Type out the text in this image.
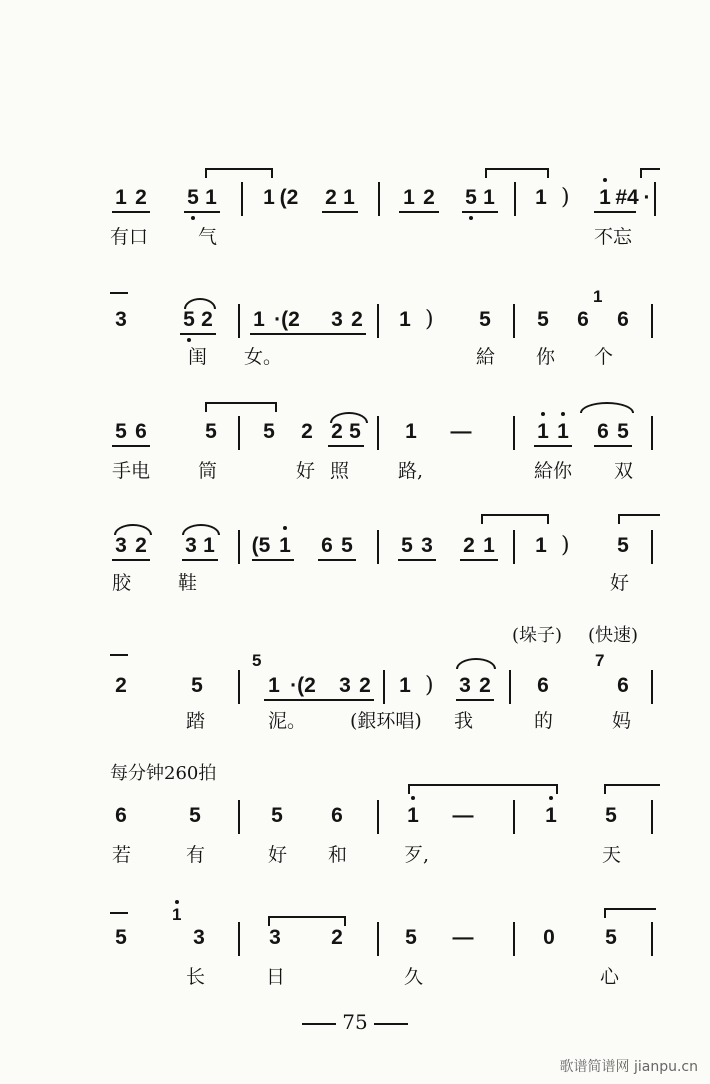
1 2 5 1 1 (2 2 1 1 2 5 1 1 ) 1 #4 ·
有口	气	不忘
1
3	5 2 1 ·(2	3 2 1 ) 5 5 6 6
闺 女。	給 你 个
5 6	5 5 2 2 5 1 —	1 1 6 5
手电	筒	好 照	路,	給你 双
3 2 3 1 (5 1 6 5 5 3 2 1 1 ) 5
胶 鞋	好
(垛子) (快速)
5	7
2	5	1 ·(2	3 2 1 ) 3 2 6	6
踏	泥。 (銀环唱) 我	的	妈
每分钟260拍
6	5	5 6	1 —	1 5
若	有	好 和	歹,	天
1
5	3	3 2	5 —	0 5
长	日	久	心
75
歌谱简谱网 jianpu.cn
